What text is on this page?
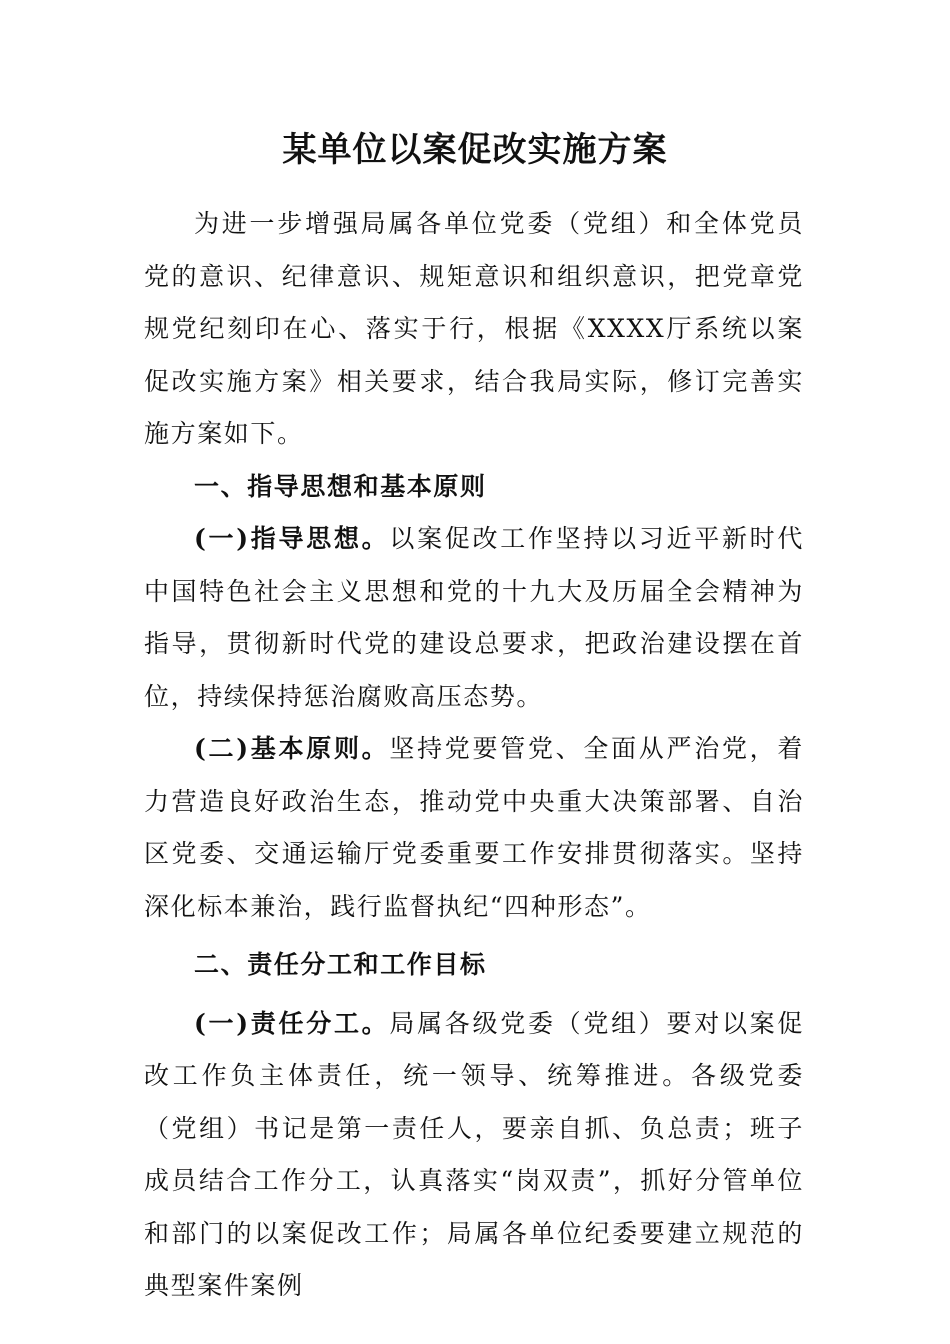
某单位以案促改实施方案

为进一步增强局属各单位党委（党组）和全体党员党的意识、纪律意识、规矩意识和组织意识，把党章党规党纪刻印在心、落实于行，根据《XXXX厅系统以案促改实施方案》相关要求，结合我局实际，修订完善实施方案如下。

一、指导思想和基本原则

(一)指导思想。以案促改工作坚持以习近平新时代中国特色社会主义思想和党的十九大及历届全会精神为指导，贯彻新时代党的建设总要求，把政治建设摆在首位，持续保持惩治腐败高压态势。

(二)基本原则。坚持党要管党、全面从严治党，着力营造良好政治生态，推动党中央重大决策部署、自治区党委、交通运输厅党委重要工作安排贯彻落实。坚持深化标本兼治，践行监督执纪“四种形态”。

二、责任分工和工作目标

(一)责任分工。局属各级党委（党组）要对以案促改工作负主体责任，统一领导、统筹推进。各级党委（党组）书记是第一责任人，要亲自抓、负总责；班子成员结合工作分工，认真落实“岗双责”，抓好分管单位和部门的以案促改工作；局属各单位纪委要建立规范的典型案件案例
